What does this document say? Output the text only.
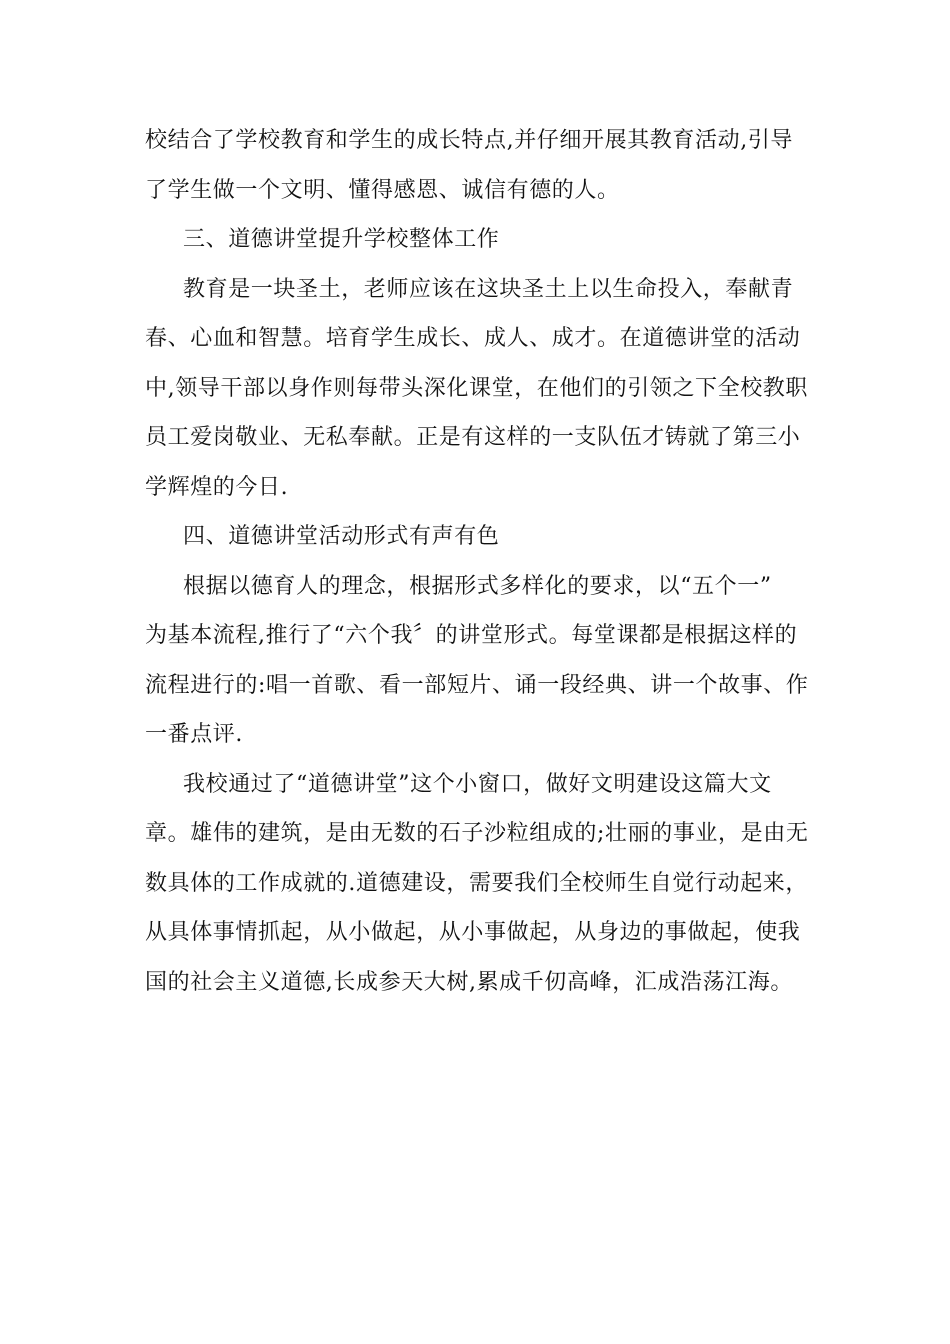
校结合了学校教育和学生的成长特点,并仔细开展其教育活动,引导
了学生做一个文明、懂得感恩、诚信有德的人。
三、道德讲堂提升学校整体工作
教育是一块圣土，老师应该在这块圣土上以生命投入，奉献青
春、心血和智慧。培育学生成长、成人、成才。在道德讲堂的活动
中,领导干部以身作则每带头深化课堂，在他们的引领之下全校教职
员工爱岗敬业、无私奉献。正是有这样的一支队伍才铸就了第三小
学辉煌的今日.
四、道德讲堂活动形式有声有色
根据以德育人的理念，根据形式多样化的要求，以“五个一”
为基本流程,推行了“六个我〞的讲堂形式。每堂课都是根据这样的
流程进行的:唱一首歌、看一部短片、诵一段经典、讲一个故事、作
一番点评.
我校通过了“道德讲堂”这个小窗口，做好文明建设这篇大文
章。雄伟的建筑，是由无数的石子沙粒组成的;壮丽的事业，是由无
数具体的工作成就的.道德建设，需要我们全校师生自觉行动起来，
从具体事情抓起，从小做起，从小事做起，从身边的事做起，使我
国的社会主义道德,长成参天大树,累成千仞高峰，汇成浩荡江海。
